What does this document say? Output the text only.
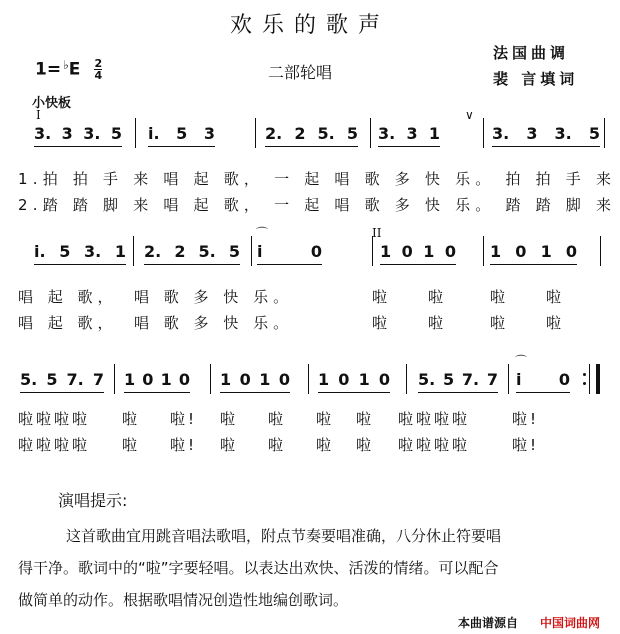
欢乐的歌声
法国曲调
裴 言填词
$1= ^♭E \frac{2}{4}$	二部轮唱
小快板
I
3. 3 3. 5 i. 5 3	2. 2 5. 5 3. 3 1	3. 3 3. 5
1.拍 拍 手 来 唱 起 歌， 一 起 唱 歌 多 快 乐。 拍 拍 手 来
2.踏 踏 脚 来 唱 起 歌， 一 起 唱 歌 多 快 乐。 踏 踏 脚 来
∨
i. 5 3. 1 2. 2 5. 5 i	0	1 0 1 0 1 0 1 0
⌒
唱 起 歌， 唱 歌 多 快 乐。	啦 啦	啦 啦
唱 起 歌， 唱 歌 多 快 乐。	啦 啦	啦 啦
5. 5 7. 7 1 0 1 0 1 0 1 0 1 0 1 0 5. 5 7. 7 i 0
⌒
啦啦啦啦 啦 啦! 啦 啦 啦 啦 啦啦啦啦	啦!
啦啦啦啦 啦 啦! 啦 啦 啦 啦 啦啦啦啦	啦!
II
演唱提示:
这首歌曲宜用跳音唱法歌唱，附点节奏要唱准确，八分休止符要唱
得干净。歌词中的“啦”字要轻唱。以表达出欢快、活泼的情绪。可以配合
做简单的动作。根据歌唱情况创造性地编创歌词。
本曲谱源自 中国词曲网
